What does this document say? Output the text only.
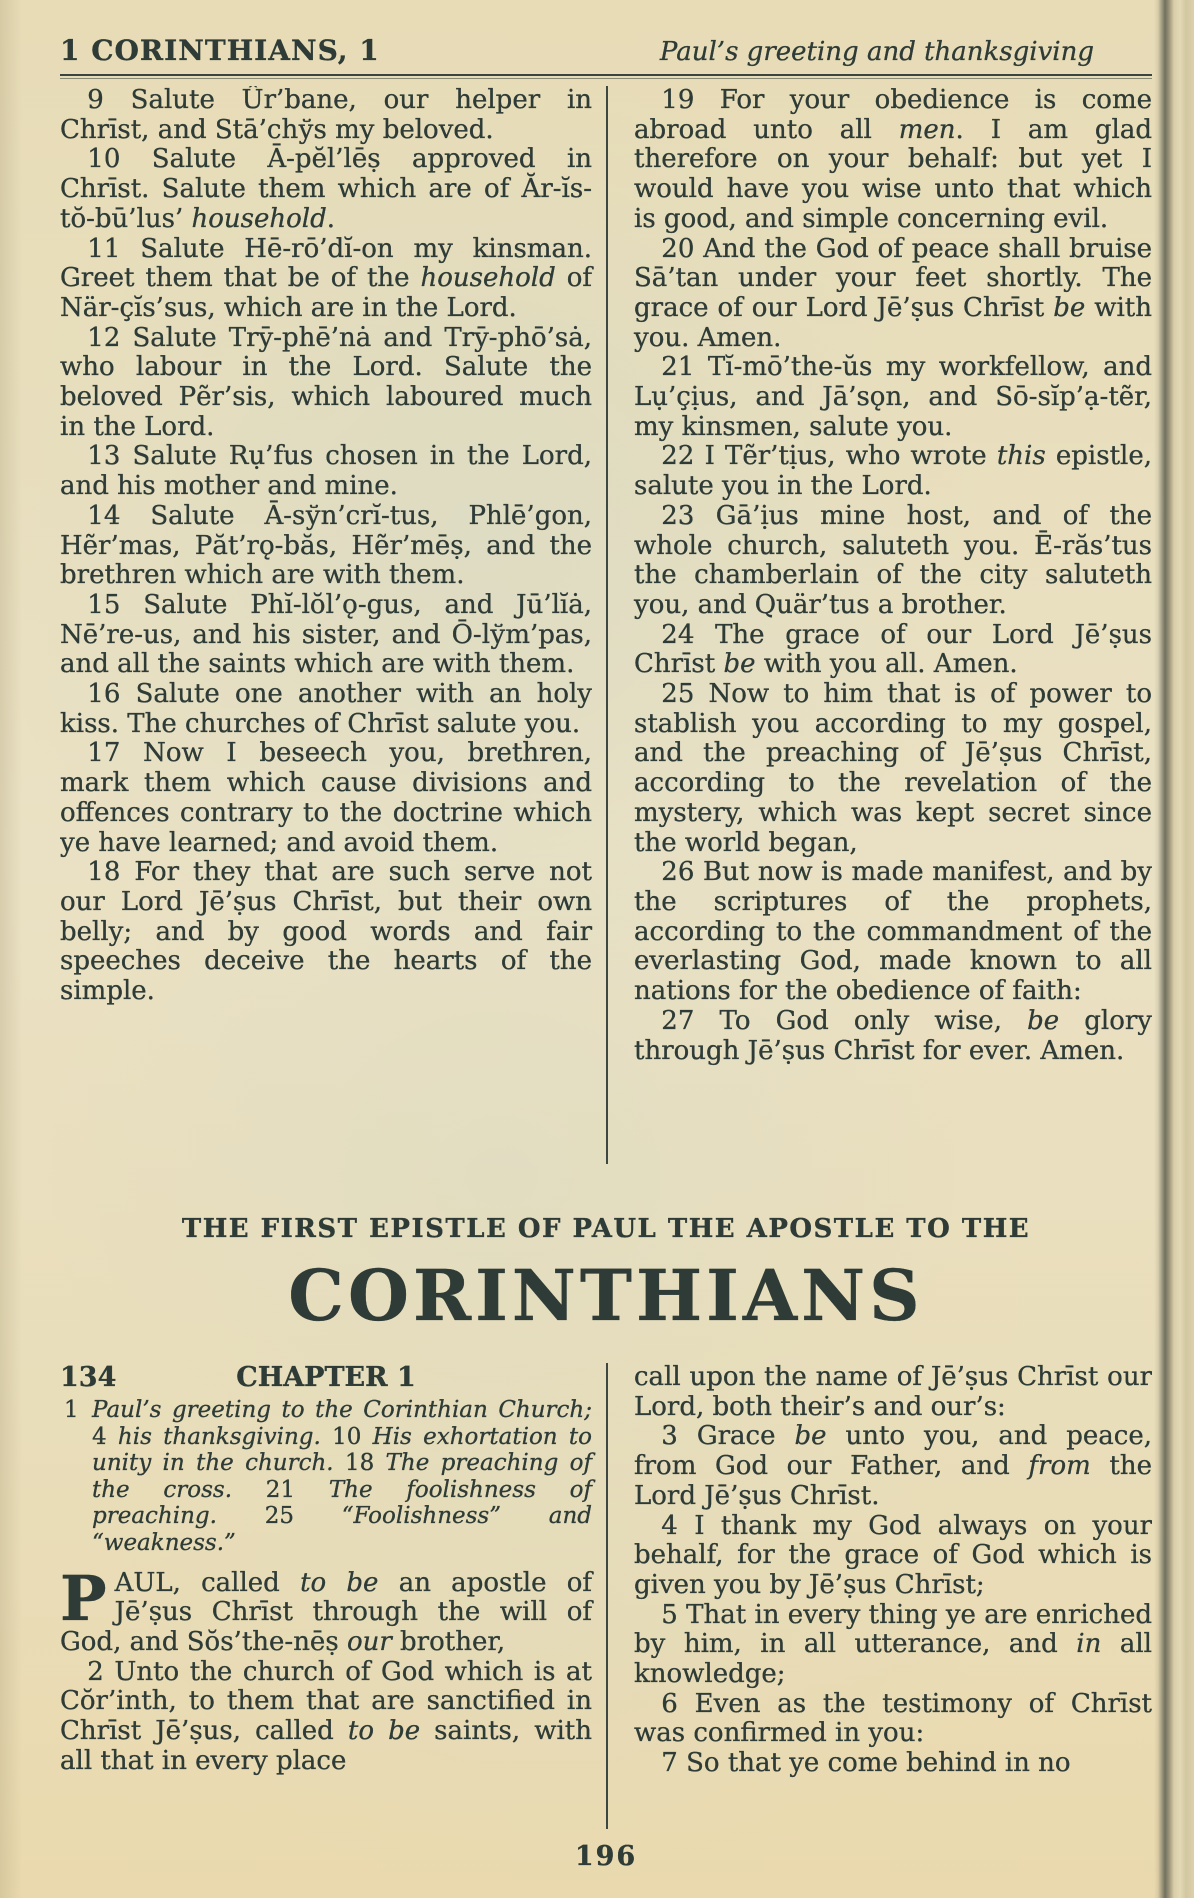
1 CORINTHIANS, 1	Paul’s greeting and thanksgiving

9 Salute Ûr’bane, our helper in Chrīst, and Stā’chўs my beloved.

10 Salute Ā-pĕl’lēṣ approved in Chrīst. Salute them which are of Ăr-ĭs-tŏ-bū’lus’ household.

11 Salute Hē-rō’dĭ-on my kinsman. Greet them that be of the household of När-çĭs’sus, which are in the Lord.

12 Salute Trȳ-phē’nȧ and Trȳ-phō’sȧ, who labour in the Lord. Salute the beloved Pẽr’sis, which laboured much in the Lord.

13 Salute Rụ’fus chosen in the Lord, and his mother and mine.

14 Salute Ā-sўn’crĭ-tus, Phlē’gon, Hẽr’mas, Păt’rǫ-băs, Hẽr’mēṣ, and the brethren which are with them.

15 Salute Phĭ-lŏl’ǫ-gus, and Jū’lĭȧ, Nē’re-us, and his sister, and Ō-lўm’pas, and all the saints which are with them.

16 Salute one another with an holy kiss. The churches of Chrīst salute you.

17 Now I beseech you, brethren, mark them which cause divisions and offences contrary to the doctrine which ye have learned; and avoid them.

18 For they that are such serve not our Lord Jē’ṣus Chrīst, but their own belly; and by good words and fair speeches deceive the hearts of the simple.

19 For your obedience is come abroad unto all men. I am glad therefore on your behalf: but yet I would have you wise unto that which is good, and simple concerning evil.

20 And the God of peace shall bruise Sā’tan under your feet shortly. The grace of our Lord Jē’ṣus Chrīst be with you. Amen.

21 Tĭ-mō’the-ŭs my workfellow, and Lụ’çịus, and Jā’sǫn, and Sō-sĭp’ạ-tẽr, my kinsmen, salute you.

22 I Tẽr’tịus, who wrote this epistle, salute you in the Lord.

23 Gā’ịus mine host, and of the whole church, saluteth you. Ē-răs’tus the chamberlain of the city saluteth you, and Quär’tus a brother.

24 The grace of our Lord Jē’ṣus Chrīst be with you all. Amen.

25 Now to him that is of power to stablish you according to my gospel, and the preaching of Jē’ṣus Chrīst, according to the revelation of the mystery, which was kept secret since the world began,

26 But now is made manifest, and by the scriptures of the prophets, according to the commandment of the everlasting God, made known to all nations for the obedience of faith:

27 To God only wise, be glory through Jē’ṣus Chrīst for ever. Amen.

THE FIRST EPISTLE OF PAUL THE APOSTLE TO THE
CORINTHIANS
134	CHAPTER 1
1 Paul’s greeting to the Corinthian Church; 4 his thanksgiving. 10 His exhortation to unity in the church. 18 The preaching of the cross. 21 The foolishness of preaching. 25 “Foolishness” and “weakness.”

PAUL, called to be an apostle of Jē’ṣus Chrīst through the will of God, and Sŏs’the-nēṣ our brother,

2 Unto the church of God which is at Cŏr’inth, to them that are sanctified in Chrīst Jē’ṣus, called to be saints, with all that in every place

call upon the name of Jē’ṣus Chrīst our Lord, both their’s and our’s:

3 Grace be unto you, and peace, from God our Father, and from the Lord Jē’ṣus Chrīst.

4 I thank my God always on your behalf, for the grace of God which is given you by Jē’ṣus Chrīst;

5 That in every thing ye are enriched by him, in all utterance, and in all knowledge;

6 Even as the testimony of Chrīst was confirmed in you:

7 So that ye come behind in no

196
